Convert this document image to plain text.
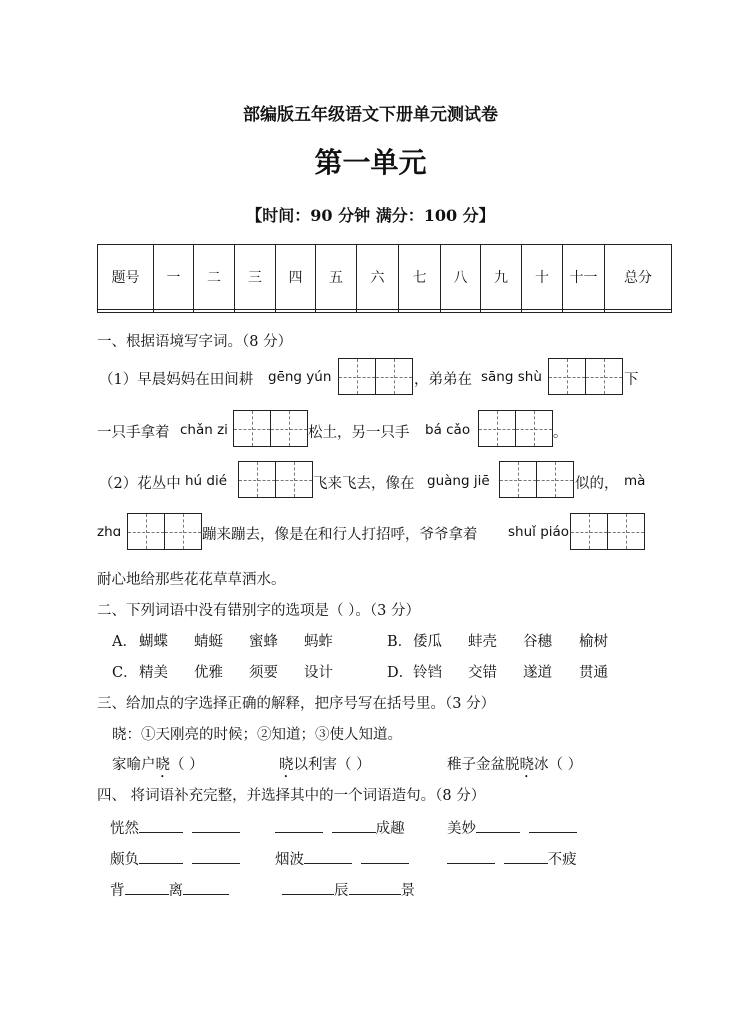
部编版五年级语文下册单元测试卷
第一单元
【时间：90 分钟 满分：100 分】
题号	一	二	三	四	五	六	七	八	九	十	十一	总分

一、根据语境写字词。（8 分）
（1）早晨妈妈在田间耕 gēng yún	，弟弟在 sāng shù	下
一只手拿着 chǎn zi	松土，另一只手 bá cǎo	。
（2）花丛中 hú dié	飞来飞去，像在 guàng jiē	似的， mà
zhɑ	蹦来蹦去，像是在和行人打招呼，爷爷拿着 shuǐ piáo
耐心地给那些花花草草洒水。
二、下列词语中没有错别字的选项是（ ）。（3 分）
A． 蝴蝶 蜻蜓 蜜蜂 蚂蚱	B． 倭瓜 蚌壳 谷穗 榆树
C． 精美 优雅 须要 设计	D． 铃铛 交错 遂道 贯通
三、给加点的字选择正确的解释，把序号写在括号里。（3 分）
晓：①天刚亮的时候；②知道；③使人知道。
家喻户晓（ ）	晓以利害（ ）	稚子金盆脱晓冰（ ）
四、 将词语补充完整，并选择其中的一个词语造句。（8 分）
恍然	成趣	美妙
颇负	烟波	不疲
背	离	辰	景
